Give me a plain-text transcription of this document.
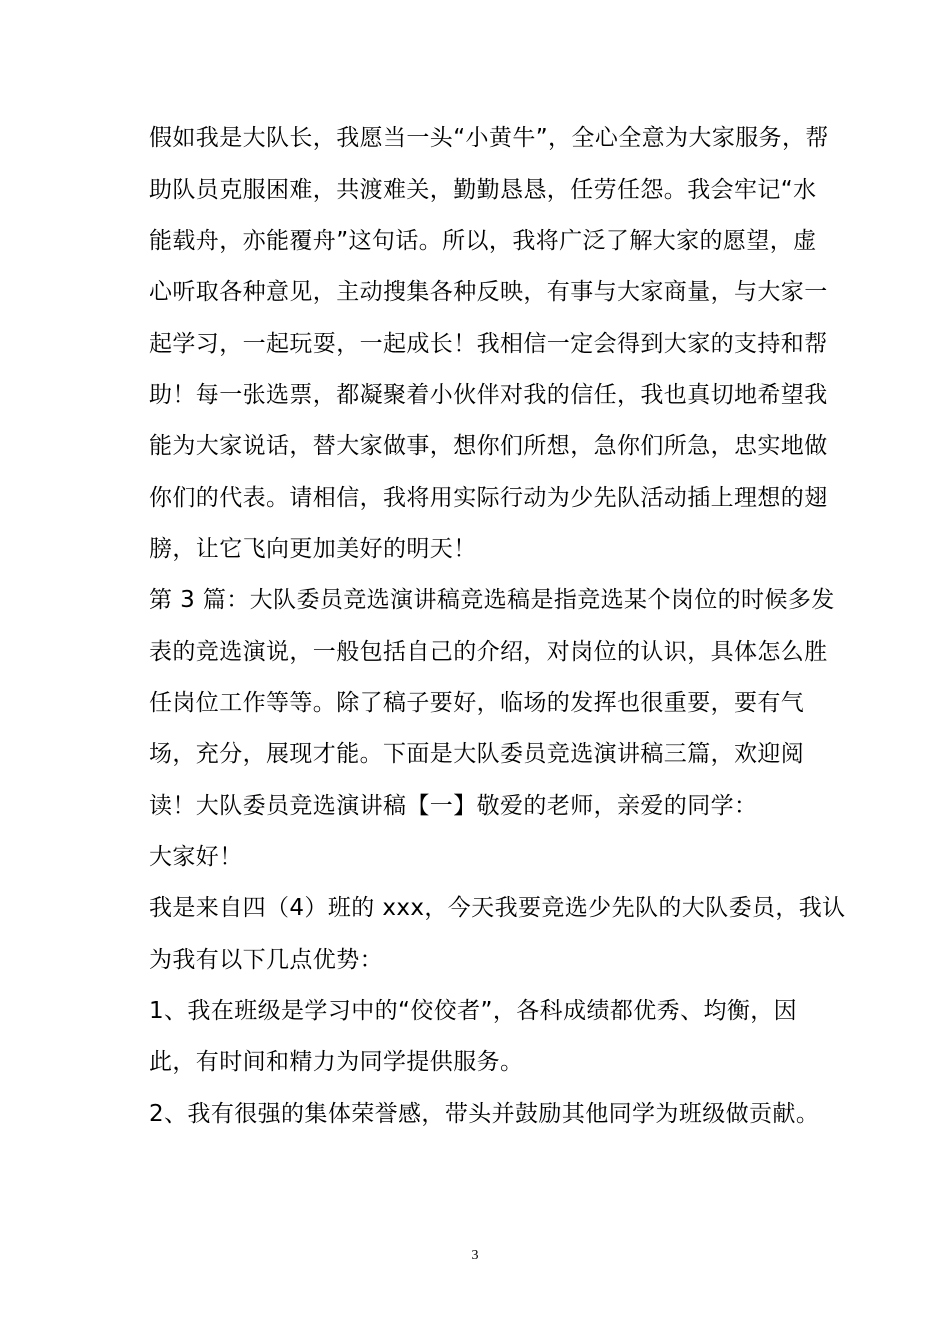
假如我是大队长，我愿当一头“小黄牛”，全心全意为大家服务，帮
助队员克服困难，共渡难关，勤勤恳恳，任劳任怨。我会牢记“水
能载舟，亦能覆舟”这句话。所以，我将广泛了解大家的愿望，虚
心听取各种意见，主动搜集各种反映，有事与大家商量，与大家一
起学习，一起玩耍，一起成长！我相信一定会得到大家的支持和帮
助！每一张选票，都凝聚着小伙伴对我的信任，我也真切地希望我
能为大家说话，替大家做事，想你们所想，急你们所急，忠实地做
你们的代表。请相信，我将用实际行动为少先队活动插上理想的翅
膀，让它飞向更加美好的明天！
第 3 篇：大队委员竞选演讲稿竞选稿是指竞选某个岗位的时候多发
表的竞选演说，一般包括自己的介绍，对岗位的认识，具体怎么胜
任岗位工作等等。除了稿子要好，临场的发挥也很重要，要有气
场，充分，展现才能。下面是大队委员竞选演讲稿三篇，欢迎阅
读！大队委员竞选演讲稿【一】敬爱的老师，亲爱的同学：
大家好！
我是来自四（4）班的 xxx，今天我要竞选少先队的大队委员，我认
为我有以下几点优势：
1、我在班级是学习中的“佼佼者”，各科成绩都优秀、均衡，因
此，有时间和精力为同学提供服务。
2、我有很强的集体荣誉感，带头并鼓励其他同学为班级做贡献。
3
